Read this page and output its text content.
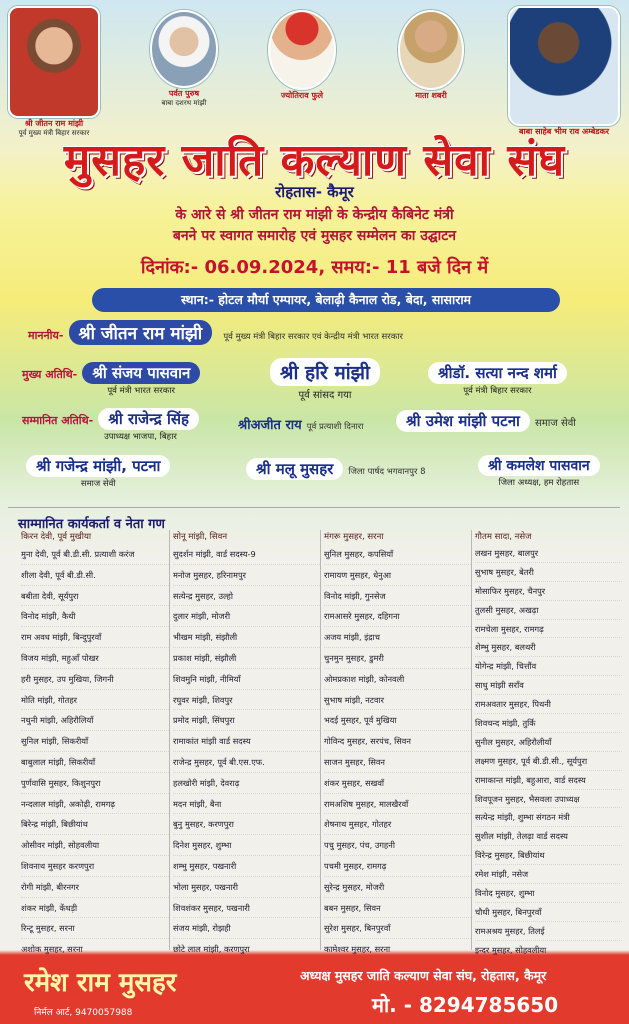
श्री जीतन राम मांझी
पूर्व मुख्य मंत्री बिहार सरकार
पर्वत पुरुष
बाबा दशरथ मांझी
ज्योतिराव फुले	माता शबरी
बाबा साहेब भीम राव अम्बेडकर
मुसहर जाति कल्याण सेवा संघ
रोहतास- कैमूर
के आरे से श्री जीतन राम मांझी के केन्द्रीय कैबिनेट मंत्री
बनने पर स्वागत समारोह एवं मुसहर सम्मेलन का उद्घाटन
दिनांक:- 06.09.2024, समय:- 11 बजे दिन में
स्थान:- होटल मौर्या एम्पायर, बेलाढ़ी कैनाल रोड, बेदा, सासाराम
माननीय- श्री जीतन राम मांझी पूर्व मुख्य मंत्री बिहार सरकार एवं केन्द्रीय मंत्री भारत सरकार
मुख्य अतिथि- श्री संजय पासवान
पूर्व मंत्री भारत सरकार
श्री हरि मांझी
पूर्व सांसद गया
श्रीडॉ. सत्या नन्द शर्मा
पूर्व मंत्री बिहार सरकार
सम्मानित अतिथि- श्री राजेन्द्र सिंह
उपाध्यक्ष भाजपा, बिहार
श्रीअजीत राय पूर्व प्रत्याशी दिनारा	श्री उमेश मांझी पटना समाज सेवी
श्री गजेन्द्र मांझी, पटना
समाज सेवी
श्री मलू मुसहर जिला पार्षद भगवानपुर 8	श्री कमलेश पासवान
जिला अध्यक्ष, हम रोहतास
साम्मानित कार्यकर्ता व नेता गण
किरन देवी, पूर्व मुखीया
मुना देवी, पूर्व बी.डी.सी. प्रत्याशी करंज
शीला देवी, पूर्व बी.डी.सी.
बबीता देवी, सूर्यपुरा
विनोद मांझी, कैथी
राम अवध मांझी, बिन्दुपुरवाँ
विजय मांझी, महुआँ पोखर
हरी मुसहर, उप मुखिया, जिगनी
मोति मांझी, गोतहर
नथुनी मांझी, अहिरौलियाँ
सुनिल मांझी, सिकरीयाँ
बाबुलाल मांझी, सिकरीयाँ
पुर्णवासि मुसहर, किशुनपुरा
नन्दलाल मांझी, अकोढ़ी, रामगढ़
बिरेन्द्र मांझी, बिछीयांथ
ओसीवर मांझी, सोहवलीया
शिवनाथ मुसहर करणपुरा
रोगी मांझी, बीरनगर
शंकर मांझी, केंधड़ी
रिन्टू मुसहर, सरना
अशोक मुसहर, सरना
सोनू मांझी, सिवन
सुदर्शन मांझी, वार्ड सदस्य-9
मनोज मुसहर, हरिनामपुर
सत्येन्द्र मुसहर, उल्हो
दुलार मांझी, मोजरी
भीखम मांझी, संझौली
प्रकाश मांझी, संझौली
शिवमुनि मांझी, नीमियाँ
रघुवर मांझी, शिवपुर
प्रमोद मांझी, सिंघपुरा
रामाकांत मांझी वार्ड सदस्य
राजेन्द्र मुसहर, पूर्व बी.एस.एफ.
हलखोरी मांझी, देवराढ़
मदन मांझी, बैना
बुनु मुसहर, करणपुरा
दिनेश मुसहर, शुम्भा
शम्भु मुसहर, पखनारी
भोला मुसहर, पखनारी
शिवशंकर मुसहर, पखनारी
संजय मांझी, रोझही
छोटे लाल मांझी, करणपुरा
मंगरू मुसहर, सरना
सुनिल मुसहर, कपसियाँ
रामायण मुसहर, धेनुआ
विनोद मांझी, गुनसेज
रामआसरे मुसहर, दहिगना
अजय मांझी, इंद्राच
चुनमुन मुसहर, डुमरी
ओमप्रकाश मांझी, कोनवली
सुभाष मांझी, नटवार
भदई मुसहर, पूर्व मुखिया
गोविन्द मुसहर, सरपंच, सिवन
साजन मुसहर, सिवन
शंकर मुसहर, सखवाँ
रामअशिष मुसहर, मालखैरवाँ
शेषनाथ मुसहर, गोतहर
पचु मुसहर, पंच, उगहनी
पचमी मुसहर, रामगढ़
सुरेन्द्र मुसहर, मोजरी
बबन मुसहर, सिवन
सुरेश मुसहर, बिनपुरवाँ
कामेश्वर मुसहर, सरना
गौतम सादा, नसेज
लखन मुसहर, बालपुर
सुभाष मुसहर, बेतरी
मोसाफिर मुसहर, चैनपुर
तुलसी मुसहर, अखढ़ा
रामचेला मुसहर, रामगढ़
शेम्भु मुसहर, बलथरी
योगेन्द्र मांझी, चित्तौंव
साधु मांझी सरॉंव
रामअवतार मुसहर, पिथनी
शिवचन्द मांझी, तुर्कि
सुनील मुसहर, अहिरौलीयाँ
लक्ष्मण मुसहर, पूर्व बी.डी.सी., सूर्यपुरा
रामाकान्त मांझी, बहुआरा, वार्ड सदस्य
शिवपूजन मुसहर, भैसवला उपाध्यक्ष
सत्येन्द्र मांझी, शुम्भा संगठन मंत्री
सुशील मांझी, तेलढ़ा वार्ड सदस्य
विरेन्द्र मुसहर, बिछीयांथ
रमेश मांझी, नसेज
विनोद मुसहर, शुम्भा
चौधी मुसहर, बिनपुरवाँ
रामअश्रय मुसहर, तिलई
इन्दर मुसहर, सोहवलीया
रमेश राम मुसहर	अध्यक्ष मुसहर जाति कल्याण सेवा संघ, रोहतास, कैमूर
मो. - 8294785650
निर्मल आर्ट, 9470057988
